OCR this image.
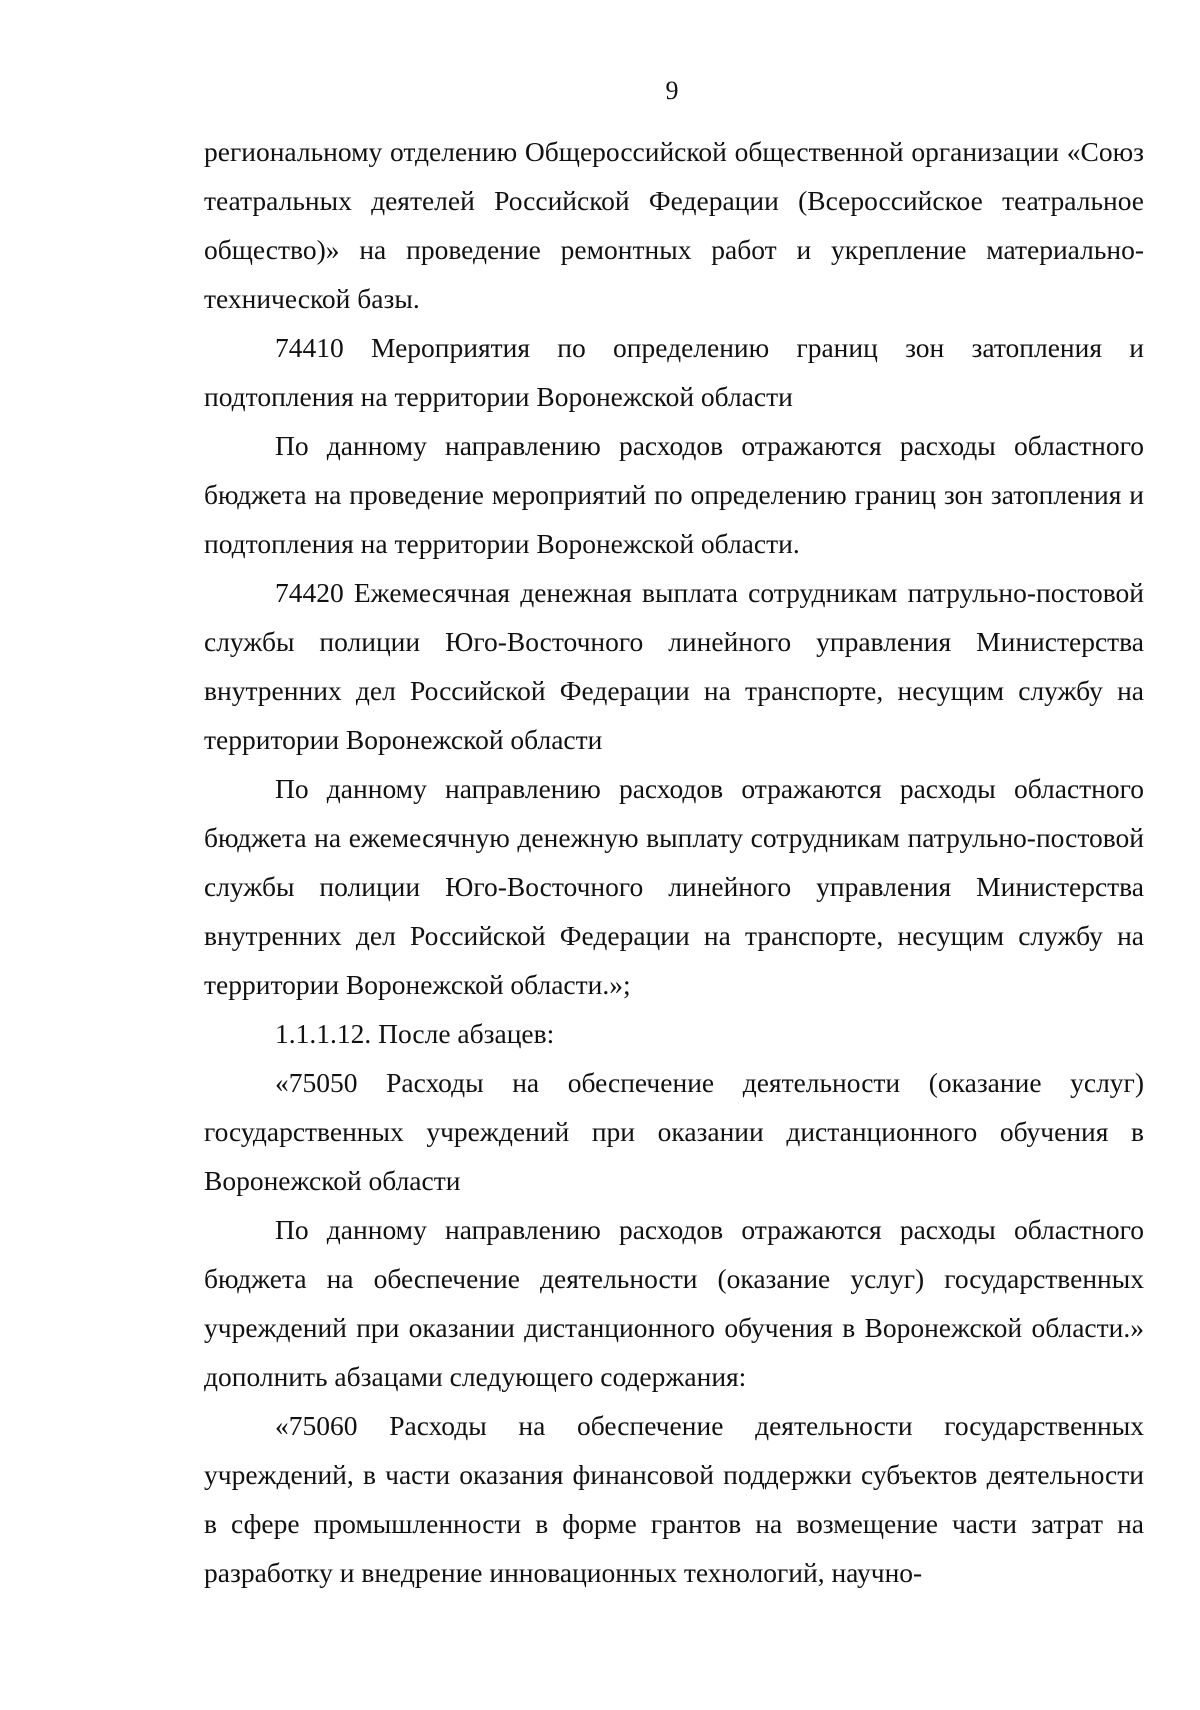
9

региональному отделению Общероссийской общественной организации «Союз театральных деятелей Российской Федерации (Всероссийское театральное общество)» на проведение ремонтных работ и укрепление материально-технической базы.

74410 Мероприятия по определению границ зон затопления и подтопления на территории Воронежской области

По данному направлению расходов отражаются расходы областного бюджета на проведение мероприятий по определению границ зон затопления и подтопления на территории Воронежской области.

74420 Ежемесячная денежная выплата сотрудникам патрульно-постовой службы полиции Юго-Восточного линейного управления Министерства внутренних дел Российской Федерации на транспорте, несущим службу на территории Воронежской области

По данному направлению расходов отражаются расходы областного бюджета на ежемесячную денежную выплату сотрудникам патрульно-постовой службы полиции Юго-Восточного линейного управления Министерства внутренних дел Российской Федерации на транспорте, несущим службу на территории Воронежской области.»;

1.1.1.12. После абзацев:

«75050 Расходы на обеспечение деятельности (оказание услуг) государственных учреждений при оказании дистанционного обучения в Воронежской области

По данному направлению расходов отражаются расходы областного бюджета на обеспечение деятельности (оказание услуг) государственных учреждений при оказании дистанционного обучения в Воронежской области.» дополнить абзацами следующего содержания:

«75060 Расходы на обеспечение деятельности государственных учреждений, в части оказания финансовой поддержки субъектов деятельности в сфере промышленности в форме грантов на возмещение части затрат на разработку и внедрение инновационных технологий, научно-
